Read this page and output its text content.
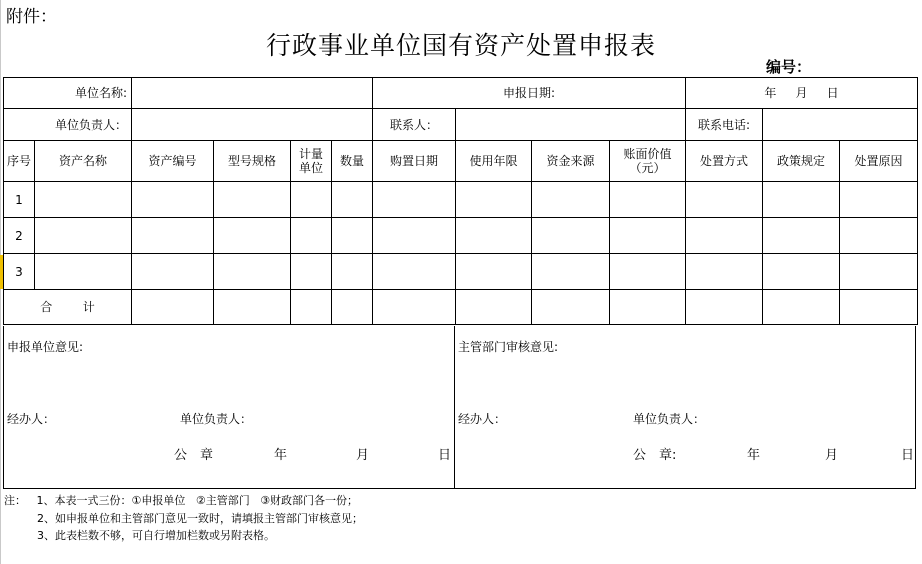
附件：
行政事业单位国有资产处置申报表
编号：
单位名称:						申报日期:				年     月     日		
单位负责人：						联系人：				联系电话:		
序号	资产名称	资产编号	型号规格	计量单位	数量	购置日期	使用年限	资金来源	账面价值（元）	处置方式	政策规定	处置原因
1												
2												
3												
合        计												
申报单位意见:
经办人：	单位负责人：
公　章	年	月	日
主管部门审核意见:
经办人：	单位负责人：
公　章:	年	月	日
注：   1、本表一式三份：①申报单位   ②主管部门   ③财政部门各一份；
2、如申报单位和主管部门意见一致时，请填报主管部门审核意见；
3、此表栏数不够，可自行增加栏数或另附表格。
